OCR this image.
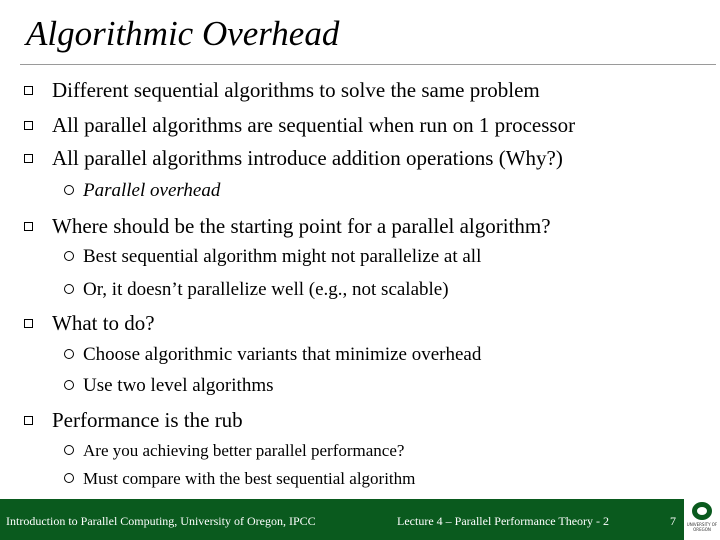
Algorithmic Overhead
Different sequential algorithms to solve the same problem
All parallel algorithms are sequential when run on 1 processor
All parallel algorithms introduce addition operations (Why?)
Parallel overhead
Where should be the starting point for a parallel algorithm?
Best sequential algorithm might not parallelize at all
Or, it doesn’t parallelize well (e.g., not scalable)
What to do?
Choose algorithmic variants that minimize overhead
Use two level algorithms
Performance is the rub
Are you achieving better parallel performance?
Must compare with the best sequential algorithm
Introduction to Parallel Computing, University of Oregon, IPCC	Lecture 4 – Parallel Performance Theory - 2	7	UNIVERSITY OF OREGON
